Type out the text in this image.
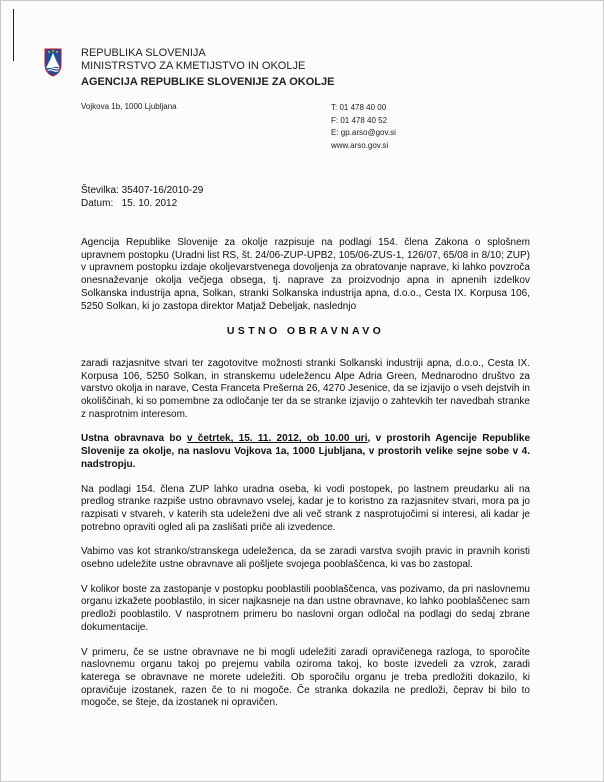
REPUBLIKA SLOVENIJA
MINISTRSTVO ZA KMETIJSTVO IN OKOLJE
AGENCIJA REPUBLIKE SLOVENIJE ZA OKOLJE
Vojkova 1b, 1000 Ljubljana	T: 01 478 40 00
F: 01 478 40 52
E: gp.arso@gov.si
www.arso.gov.si
Številka: 35407-16/2010-29
Datum: 15. 10. 2012

Agencija Republike Slovenije za okolje razpisuje na podlagi 154. člena Zakona o splošnem upravnem postopku (Uradni list RS, št. 24/06-ZUP-UPB2, 105/06-ZUS-1, 126/07, 65/08 in 8/10; ZUP) v upravnem postopku izdaje okoljevarstvenega dovoljenja za obratovanje naprave, ki lahko povzroča onesnaževanje okolja večjega obsega, tj. naprave za proizvodnjo apna in apnenih izdelkov Solkanska industrija apna, Solkan, stranki Solkanska industrija apna, d.o.o., Cesta IX. Korpusa 106, 5250 Solkan, ki jo zastopa direktor Matjaž Debeljak, naslednjo

USTNO OBRAVNAVO

zaradi razjasnitve stvari ter zagotovitve možnosti stranki Solkanski industriji apna, d.o.o., Cesta IX. Korpusa 106, 5250 Solkan, in stranskemu udeležencu Alpe Adria Green, Mednarodno društvo za varstvo okolja in narave, Cesta Franceta Prešerna 26, 4270 Jesenice, da se izjavijo o vseh dejstvih in okoliščinah, ki so pomembne za odločanje ter da se stranke izjavijo o zahtevkih ter navedbah stranke z nasprotnim interesom.

Ustna obravnava bo v četrtek, 15. 11. 2012, ob 10.00 uri, v prostorih Agencije Republike Slovenije za okolje, na naslovu Vojkova 1a, 1000 Ljubljana, v prostorih velike sejne sobe v 4. nadstropju.

Na podlagi 154. člena ZUP lahko uradna oseba, ki vodi postopek, po lastnem preudarku ali na predlog stranke razpiše ustno obravnavo vselej, kadar je to koristno za razjasnitev stvari, mora pa jo razpisati v stvareh, v katerih sta udeleženi dve ali več strank z nasprotujočimi si interesi, ali kadar je potrebno opraviti ogled ali pa zaslišati priče ali izvedence.

Vabimo vas kot stranko/stranskega udeleženca, da se zaradi varstva svojih pravic in pravnih koristi osebno udeležite ustne obravnave ali pošljete svojega pooblaščenca, ki vas bo zastopal.

V kolikor boste za zastopanje v postopku pooblastili pooblaščenca, vas pozivamo, da pri naslovnemu organu izkažete pooblastilo, in sicer najkasneje na dan ustne obravnave, ko lahko pooblaščenec sam predloži pooblastilo. V nasprotnem primeru bo naslovni organ odločal na podlagi do sedaj zbrane dokumentacije.

V primeru, če se ustne obravnave ne bi mogli udeležiti zaradi opravičenega razloga, to sporočite naslovnemu organu takoj po prejemu vabila oziroma takoj, ko boste izvedeli za vzrok, zaradi katerega se obravnave ne morete udeležiti. Ob sporočilu organu je treba predložiti dokazilo, ki opravičuje izostanek, razen če to ni mogoče. Če stranka dokazila ne predloži, čeprav bi bilo to mogoče, se šteje, da izostanek ni opravičen.
